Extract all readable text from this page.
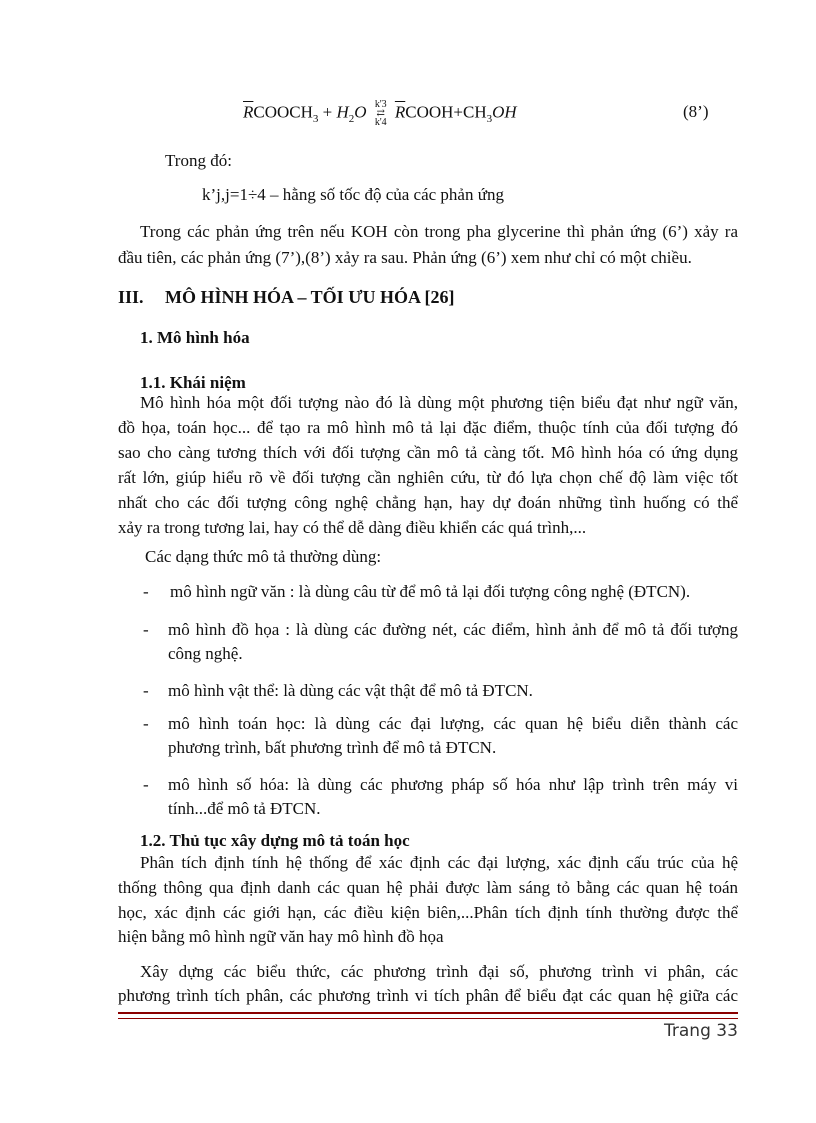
$\overline{R}COOCH_3 + H_2O$ k'3
⇄
k'4 $\overline{R}COOH+CH_3OH$	(8’)
Trong đó:
k’j,j=1÷4 – hằng số tốc độ của các phản ứng
Trong các phản ứng trên nếu KOH còn trong pha glycerine thì phản ứng (6’) xảy ra
đầu tiên, các phản ứng (7’),(8’) xảy ra sau. Phản ứng (6’) xem như chỉ có một chiều.
III. MÔ HÌNH HÓA – TỐI ƯU HÓA [26]
1. Mô hình hóa
1.1. Khái niệm
Mô hình hóa một đối tượng nào đó là dùng một phương tiện biểu đạt như ngữ văn,
đồ họa, toán học... để tạo ra mô hình mô tả lại đặc điểm, thuộc tính của đối tượng đó
sao cho càng tương thích với đối tượng cần mô tả càng tốt. Mô hình hóa có ứng dụng
rất lớn, giúp hiểu rõ về đối tượng cần nghiên cứu, từ đó lựa chọn chế độ làm việc tốt
nhất cho các đối tượng công nghệ chẳng hạn, hay dự đoán những tình huống có thể
xảy ra trong tương lai, hay có thể dễ dàng điều khiển các quá trình,...
Các dạng thức mô tả thường dùng:
- mô hình ngữ văn : là dùng câu từ để mô tả lại đối tượng công nghệ (ĐTCN).
- mô hình đồ họa : là dùng các đường nét, các điểm, hình ảnh để mô tả đối tượng
công nghệ.
- mô hình vật thể: là dùng các vật thật để mô tả ĐTCN.
- mô hình toán học: là dùng các đại lượng, các quan hệ biểu diễn thành các
phương trình, bất phương trình để mô tả ĐTCN.
- mô hình số hóa: là dùng các phương pháp số hóa như lập trình trên máy vi
tính...để mô tả ĐTCN.
1.2. Thủ tục xây dựng mô tả toán học
Phân tích định tính hệ thống để xác định các đại lượng, xác định cấu trúc của hệ
thống thông qua định danh các quan hệ phải được làm sáng tỏ bằng các quan hệ toán
học, xác định các giới hạn, các điều kiện biên,...Phân tích định tính thường được thể
hiện bằng mô hình ngữ văn hay mô hình đồ họa
Xây dựng các biểu thức, các phương trình đại số, phương trình vi phân, các
phương trình tích phân, các phương trình vi tích phân để biểu đạt các quan hệ giữa các
Trang 33
